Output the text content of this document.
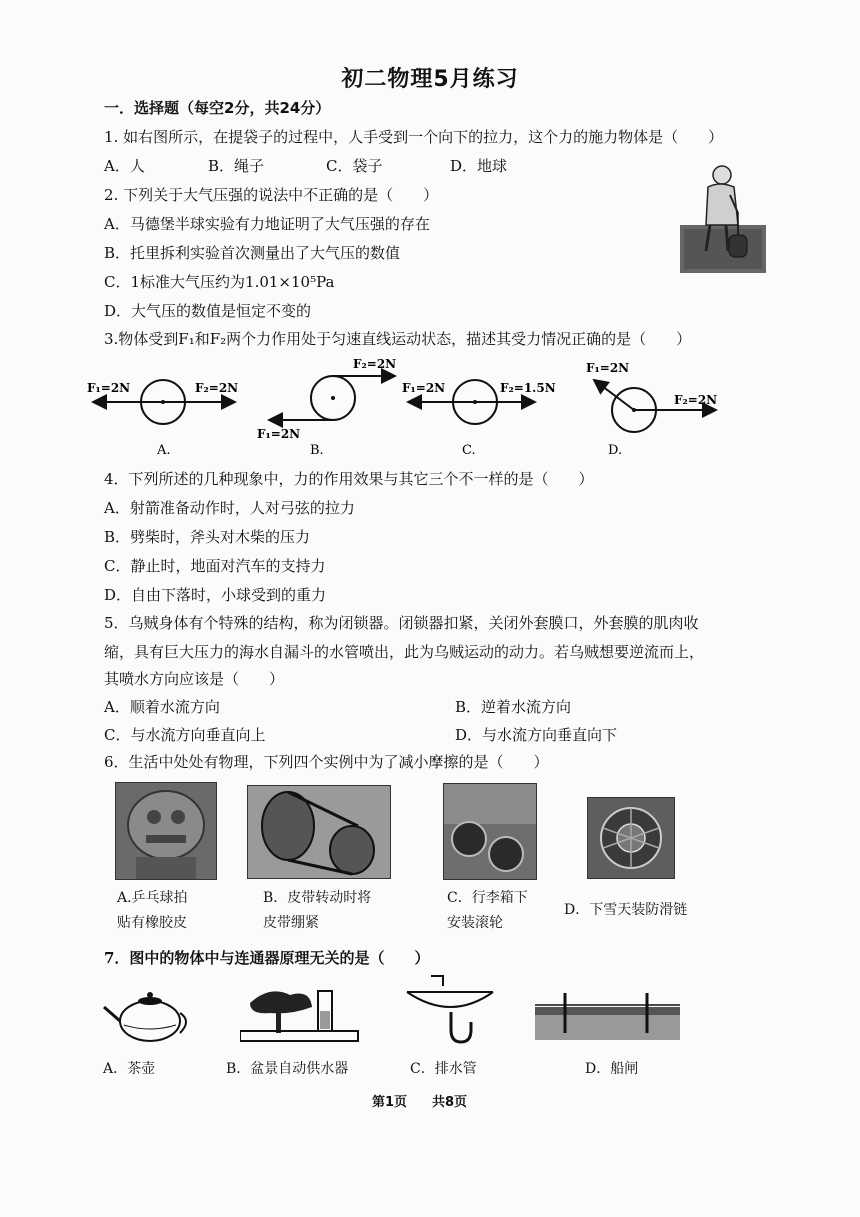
初二物理5月练习
一．选择题（每空2分，共24分）
1. 如右图所示，在提袋子的过程中，人手受到一个向下的拉力，这个力的施力物体是（　　）
A．人	B．绳子	C．袋子	D．地球
2. 下列关于大气压强的说法中不正确的是（　　）
A．马德堡半球实验有力地证明了大气压强的存在
B．托里拆利实验首次测量出了大气压的数值
C．1标准大气压约为1.01×10⁵Pa
D．大气压的数值是恒定不变的
3.物体受到F₁和F₂两个力作用处于匀速直线运动状态，描述其受力情况正确的是（　　）
F₁=2N	F₂=2N
A.
F₂=2N
F₁=2N
B.
F₁=2N	F₂=1.5N
C.
F₁=2N
F₂=2N
D.
4．下列所述的几种现象中，力的作用效果与其它三个不一样的是（　　）
A．射箭准备动作时，人对弓弦的拉力
B．劈柴时，斧头对木柴的压力
C．静止时，地面对汽车的支持力
D．自由下落时，小球受到的重力
5．乌贼身体有个特殊的结构，称为闭锁器。闭锁器扣紧，关闭外套膜口，外套膜的肌肉收
缩，具有巨大压力的海水自漏斗的水管喷出，此为乌贼运动的动力。若乌贼想要逆流而上，
其喷水方向应该是（　　）
A．顺着水流方向	B．逆着水流方向
C．与水流方向垂直向上	D．与水流方向垂直向下
6．生活中处处有物理，下列四个实例中为了减小摩擦的是（　　）
A.乒乓球拍
贴有橡胶皮
B．皮带转动时将
皮带绷紧
C．行李箱下
安装滚轮
D．下雪天装防滑链
7．图中的物体中与连通器原理无关的是（　　）
A．茶壶	B．盆景自动供水器	C．排水管	D．船闸
第1页 共8页
